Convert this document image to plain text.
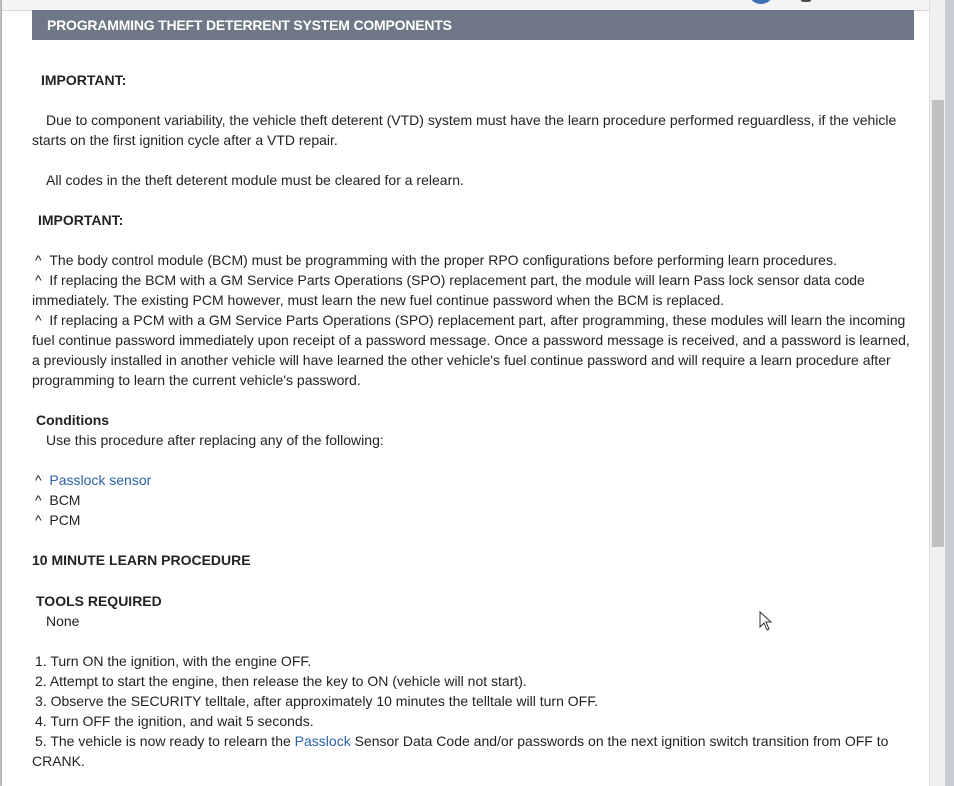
PROGRAMMING THEFT DETERRENT SYSTEM COMPONENTS

IMPORTANT:

Due to component variability, the vehicle theft deterent (VTD) system must have the learn procedure performed reguardless, if the vehicle starts on the first ignition cycle after a VTD repair.

All codes in the theft deterent module must be cleared for a relearn.

IMPORTANT:

^ The body control module (BCM) must be programming with the proper RPO configurations before performing learn procedures.

^ If replacing the BCM with a GM Service Parts Operations (SPO) replacement part, the module will learn Pass lock sensor data code immediately. The existing PCM however, must learn the new fuel continue password when the BCM is replaced.

^ If replacing a PCM with a GM Service Parts Operations (SPO) replacement part, after programming, these modules will learn the incoming fuel continue password immediately upon receipt of a password message. Once a password message is received, and a password is learned, a previously installed in another vehicle will have learned the other vehicle's fuel continue password and will require a learn procedure after programming to learn the current vehicle's password.

Conditions

Use this procedure after replacing any of the following:

^ Passlock sensor

^ BCM

^ PCM

10 MINUTE LEARN PROCEDURE

TOOLS REQUIRED

None

1. Turn ON the ignition, with the engine OFF.

2. Attempt to start the engine, then release the key to ON (vehicle will not start).

3. Observe the SECURITY telltale, after approximately 10 minutes the telltale will turn OFF.

4. Turn OFF the ignition, and wait 5 seconds.

5. The vehicle is now ready to relearn the Passlock Sensor Data Code and/or passwords on the next ignition switch transition from OFF to CRANK.
